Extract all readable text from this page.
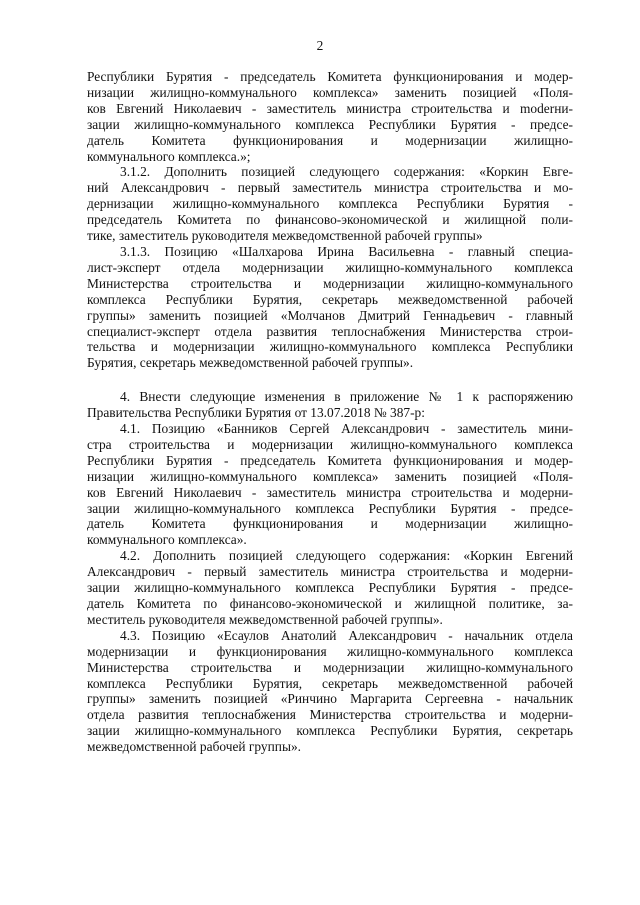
2
Республики Бурятия - председатель Комитета функционирования и модер-
низации жилищно-коммунального комплекса» заменить позицией «Поля-
ков Евгений Николаевич - заместитель министра строительства и moderни-
зации жилищно-коммунального комплекса Республики Бурятия - предсе-
датель Комитета функционирования и модернизации жилищно-
коммунального комплекса.»;
3.1.2. Дополнить позицией следующего содержания: «Коркин Евге-
ний Александрович - первый заместитель министра строительства и мо-
дернизации жилищно-коммунального комплекса Республики Бурятия -
председатель Комитета по финансово-экономической и жилищной поли-
тике, заместитель руководителя межведомственной рабочей группы»
3.1.3. Позицию «Шалхарова Ирина Васильевна - главный специа-
лист-эксперт отдела модернизации жилищно-коммунального комплекса
Министерства строительства и модернизации жилищно-коммунального
комплекса Республики Бурятия, секретарь межведомственной рабочей
группы» заменить позицией «Молчанов Дмитрий Геннадьевич - главный
специалист-эксперт отдела развития теплоснабжения Министерства строи-
тельства и модернизации жилищно-коммунального комплекса Республики
Бурятия, секретарь межведомственной рабочей группы».
4. Внести следующие изменения в приложение № 1 к распоряжению
Правительства Республики Бурятия от 13.07.2018 № 387-р:
4.1. Позицию «Банников Сергей Александрович - заместитель мини-
стра строительства и модернизации жилищно-коммунального комплекса
Республики Бурятия - председатель Комитета функционирования и модер-
низации жилищно-коммунального комплекса» заменить позицией «Поля-
ков Евгений Николаевич - заместитель министра строительства и модерни-
зации жилищно-коммунального комплекса Республики Бурятия - предсе-
датель Комитета функционирования и модернизации жилищно-
коммунального комплекса».
4.2. Дополнить позицией следующего содержания: «Коркин Евгений
Александрович - первый заместитель министра строительства и модерни-
зации жилищно-коммунального комплекса Республики Бурятия - предсе-
датель Комитета по финансово-экономической и жилищной политике, за-
меститель руководителя межведомственной рабочей группы».
4.3. Позицию «Есаулов Анатолий Александрович - начальник отдела
модернизации и функционирования жилищно-коммунального комплекса
Министерства строительства и модернизации жилищно-коммунального
комплекса Республики Бурятия, секретарь межведомственной рабочей
группы» заменить позицией «Ринчино Маргарита Сергеевна - начальник
отдела развития теплоснабжения Министерства строительства и модерни-
зации жилищно-коммунального комплекса Республики Бурятия, секретарь
межведомственной рабочей группы».
